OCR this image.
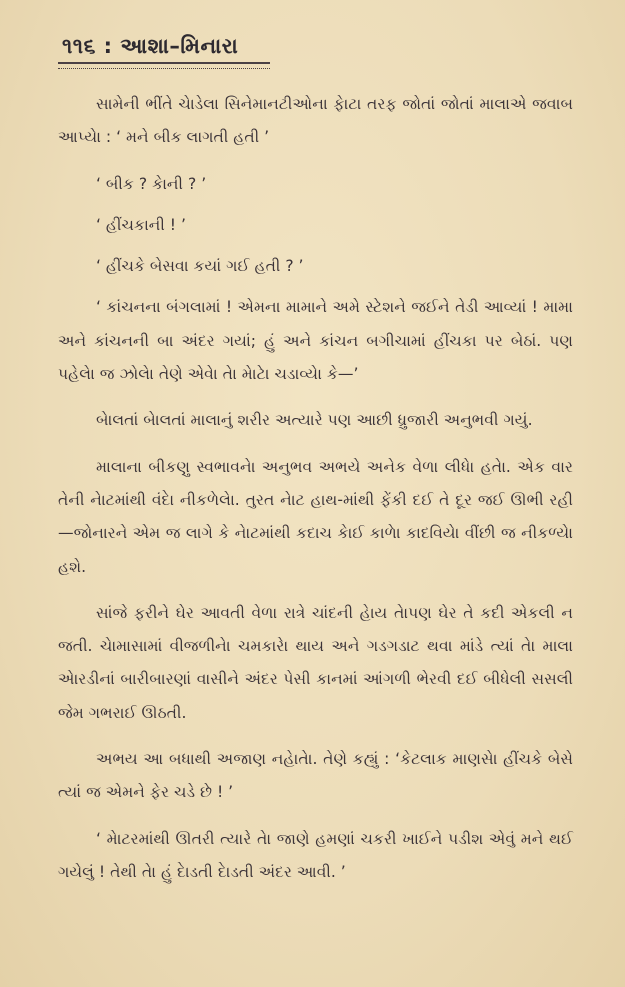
૧૧૬ : આશા–મિનારા

સામેની ભીંતે ચેાડેલા સિનેમાનટીઓના ફેાટા તરફ જોતાં જોતાં માલાએ જવાબ આપ્યેા : ‘ મને બીક લાગતી હતી ’

‘ બીક ? કેાની ? ’

‘ હીંચકાની ! ’

‘ હીંચકે બેસવા કયાં ગઈ હતી ? ’

‘ કાંચનના બંગલામાં ! એમના મામાને અમે સ્ટેશને જઈને તેડી આવ્યાં ! મામા અને કાંચનની બા અંદર ગયાં; હું અને કાંચન બગીચામાં હીંચકા પર બેઠાં. પણ પહેલેા જ ઝોલેા તેણે એવેા તેા મેાટેા ચડાવ્યેા કે—’

બેાલતાં બેાલતાં માલાનું શરીર અત્યારે પણ આછી ધ્રુજારી અનુભવી ગયું.

માલાના બીકણુ સ્વભાવનેા અનુભવ અભયે અનેક વેળા લીધેા હતેા. એક વાર તેની નેાટમાંથી વંદેા નીકળેલેા. તુરત નેાટ હાથ-માંથી ફેંકી દઈ તે દૂર જઈ ઊભી રહી—જોનારને એમ જ લાગે કે નેાટમાંથી કદાચ કેાઈ કાળેા કાદવિયેા વીંછી જ નીકળ્યેા હશે.

સાંજે ફરીને ઘેર આવતી વેળા રાત્રે ચાંદની હેાય તેાપણ ઘેર તે કદી એકલી ન જતી. ચેામાસામાં વીજળીનેા ચમકારેા થાય અને ગડગડાટ થવા માંડે ત્યાં તેા માલા એારડીનાં બારીબારણાં વાસીને અંદર પેસી કાનમાં આંગળી ભેરવી દઈ બીધેલી સસલી જેમ ગભરાઈ ઊઠતી.

અભય આ બધાથી અજાણ નહેાતેા. તેણે કહ્યું : ‘કેટલાક માણસેા હીંચકે બેસે ત્યાં જ એમને ફેર ચડે છે ! ’

‘ મેાટરમાંથી ઊતરી ત્યારે તેા જાણે હમણાં ચકરી ખાઈને પડીશ એવું મને થઈ ગયેલું ! તેથી તેા હું દેાડતી દેાડતી અંદર આવી. ’
